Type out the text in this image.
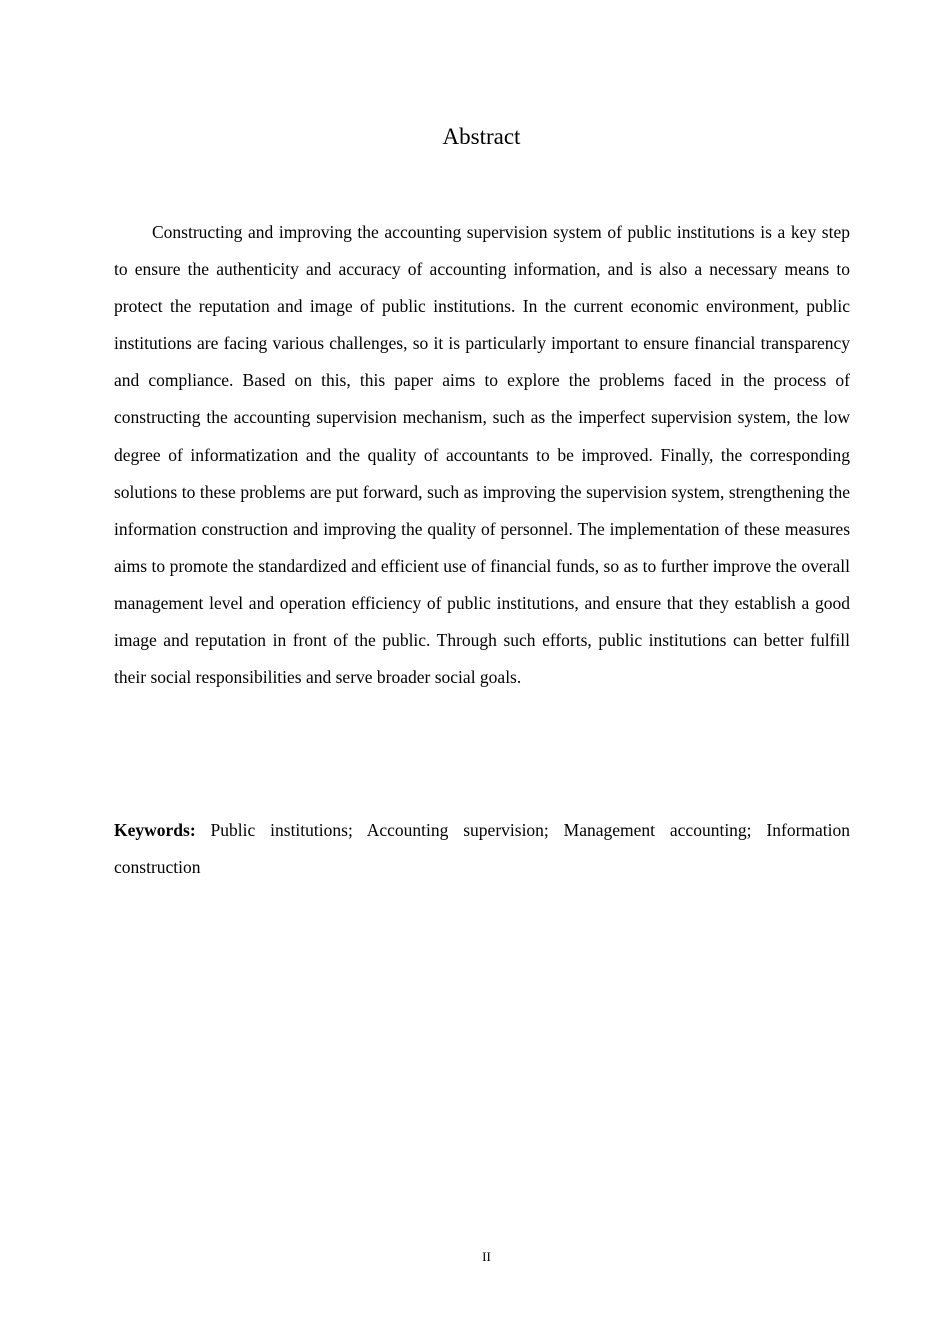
Abstract

Constructing and improving the accounting supervision system of public institutions is a key step to ensure the authenticity and accuracy of accounting information, and is also a necessary means to protect the reputation and image of public institutions. In the current economic environment, public institutions are facing various challenges, so it is particularly important to ensure financial transparency and compliance. Based on this, this paper aims to explore the problems faced in the process of constructing the accounting supervision mechanism, such as the imperfect supervision system, the low degree of informatization and the quality of accountants to be improved. Finally, the corresponding solutions to these problems are put forward, such as improving the supervision system, strengthening the information construction and improving the quality of personnel. The implementation of these measures aims to promote the standardized and efficient use of financial funds, so as to further improve the overall management level and operation efficiency of public institutions, and ensure that they establish a good image and reputation in front of the public. Through such efforts, public institutions can better fulfill their social responsibilities and serve broader social goals.

Keywords: Public institutions; Accounting supervision; Management accounting; Information construction

II
